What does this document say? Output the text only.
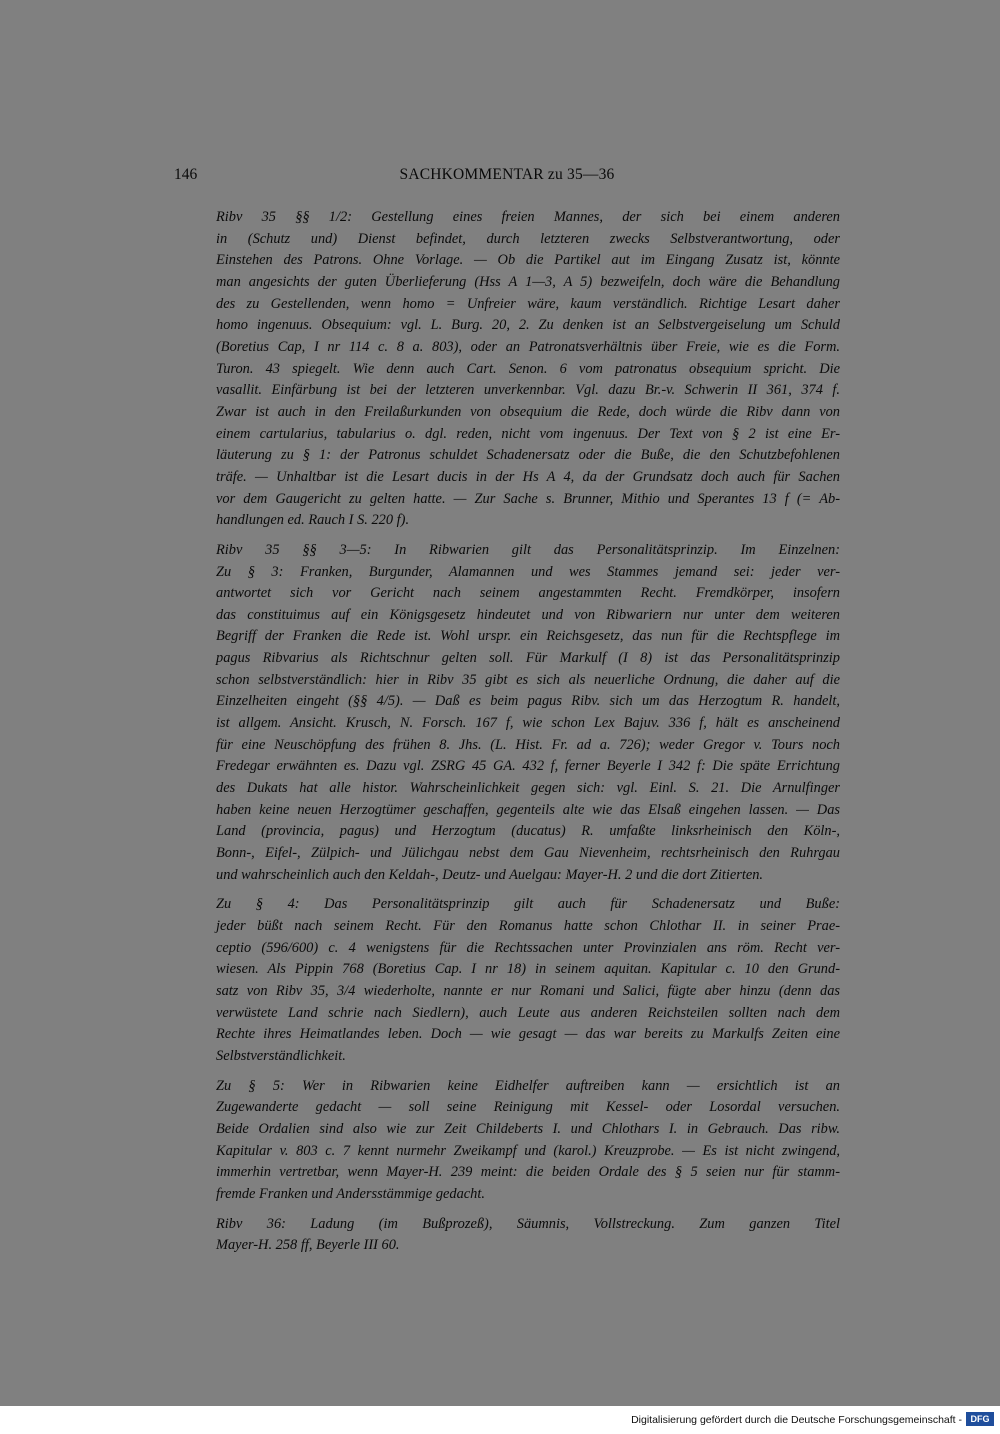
146	SACHKOMMENTAR zu 35—36
Ribv 35 §§ 1/2: Gestellung eines freien Mannes, der sich bei einem anderen
in (Schutz und) Dienst befindet, durch letzteren zwecks Selbstverantwortung, oder
Einstehen des Patrons. Ohne Vorlage. — Ob die Partikel aut im Eingang Zusatz ist, könnte
man angesichts der guten Überlieferung (Hss A 1—3, A 5) bezweifeln, doch wäre die Behandlung
des zu Gestellenden, wenn homo = Unfreier wäre, kaum verständlich. Richtige Lesart daher
homo ingenuus. Obsequium: vgl. L. Burg. 20, 2. Zu denken ist an Selbstvergeiselung um Schuld
(Boretius Cap, I nr 114 c. 8 a. 803), oder an Patronatsverhältnis über Freie, wie es die Form.
Turon. 43 spiegelt. Wie denn auch Cart. Senon. 6 vom patronatus obsequium spricht. Die
vasallit. Einfärbung ist bei der letzteren unverkennbar. Vgl. dazu Br.-v. Schwerin II 361, 374 f.
Zwar ist auch in den Freilaßurkunden von obsequium die Rede, doch würde die Ribv dann von
einem cartularius, tabularius o. dgl. reden, nicht vom ingenuus. Der Text von § 2 ist eine Er-
läuterung zu § 1: der Patronus schuldet Schadenersatz oder die Buße, die den Schutzbefohlenen
träfe. — Unhaltbar ist die Lesart ducis in der Hs A 4, da der Grundsatz doch auch für Sachen
vor dem Gaugericht zu gelten hatte. — Zur Sache s. Brunner, Mithio und Sperantes 13 f (= Ab-
handlungen ed. Rauch I S. 220 f).
Ribv 35 §§ 3—5: In Ribwarien gilt das Personalitätsprinzip. Im Einzelnen:
Zu § 3: Franken, Burgunder, Alamannen und wes Stammes jemand sei: jeder ver-
antwortet sich vor Gericht nach seinem angestammten Recht. Fremdkörper, insofern
das constituimus auf ein Königsgesetz hindeutet und von Ribwariern nur unter dem weiteren
Begriff der Franken die Rede ist. Wohl urspr. ein Reichsgesetz, das nun für die Rechtspflege im
pagus Ribvarius als Richtschnur gelten soll. Für Markulf (I 8) ist das Personalitätsprinzip
schon selbstverständlich: hier in Ribv 35 gibt es sich als neuerliche Ordnung, die daher auf die
Einzelheiten eingeht (§§ 4/5). — Daß es beim pagus Ribv. sich um das Herzogtum R. handelt,
ist allgem. Ansicht. Krusch, N. Forsch. 167 f, wie schon Lex Bajuv. 336 f, hält es anscheinend
für eine Neuschöpfung des frühen 8. Jhs. (L. Hist. Fr. ad a. 726); weder Gregor v. Tours noch
Fredegar erwähnten es. Dazu vgl. ZSRG 45 GA. 432 f, ferner Beyerle I 342 f: Die späte Errichtung
des Dukats hat alle histor. Wahrscheinlichkeit gegen sich: vgl. Einl. S. 21. Die Arnulfinger
haben keine neuen Herzogtümer geschaffen, gegenteils alte wie das Elsaß eingehen lassen. — Das
Land (provincia, pagus) und Herzogtum (ducatus) R. umfaßte linksrheinisch den Köln-,
Bonn-, Eifel-, Zülpich- und Jülichgau nebst dem Gau Nievenheim, rechtsrheinisch den Ruhrgau
und wahrscheinlich auch den Keldah-, Deutz- und Auelgau: Mayer-H. 2 und die dort Zitierten.
Zu § 4: Das Personalitätsprinzip gilt auch für Schadenersatz und Buße:
jeder büßt nach seinem Recht. Für den Romanus hatte schon Chlothar II. in seiner Prae-
ceptio (596/600) c. 4 wenigstens für die Rechtssachen unter Provinzialen ans röm. Recht ver-
wiesen. Als Pippin 768 (Boretius Cap. I nr 18) in seinem aquitan. Kapitular c. 10 den Grund-
satz von Ribv 35, 3/4 wiederholte, nannte er nur Romani und Salici, fügte aber hinzu (denn das
verwüstete Land schrie nach Siedlern), auch Leute aus anderen Reichsteilen sollten nach dem
Rechte ihres Heimatlandes leben. Doch — wie gesagt — das war bereits zu Markulfs Zeiten eine
Selbstverständlichkeit.
Zu § 5: Wer in Ribwarien keine Eidhelfer auftreiben kann — ersichtlich ist an
Zugewanderte gedacht — soll seine Reinigung mit Kessel- oder Losordal versuchen.
Beide Ordalien sind also wie zur Zeit Childeberts I. und Chlothars I. in Gebrauch. Das ribw.
Kapitular v. 803 c. 7 kennt nurmehr Zweikampf und (karol.) Kreuzprobe. — Es ist nicht zwingend,
immerhin vertretbar, wenn Mayer-H. 239 meint: die beiden Ordale des § 5 seien nur für stamm-
fremde Franken und Andersstämmige gedacht.
Ribv 36: Ladung (im Bußprozeß), Säumnis, Vollstreckung. Zum ganzen Titel
Mayer-H. 258 ff, Beyerle III 60.
Digitalisierung gefördert durch die Deutsche Forschungsgemeinschaft - DFG
